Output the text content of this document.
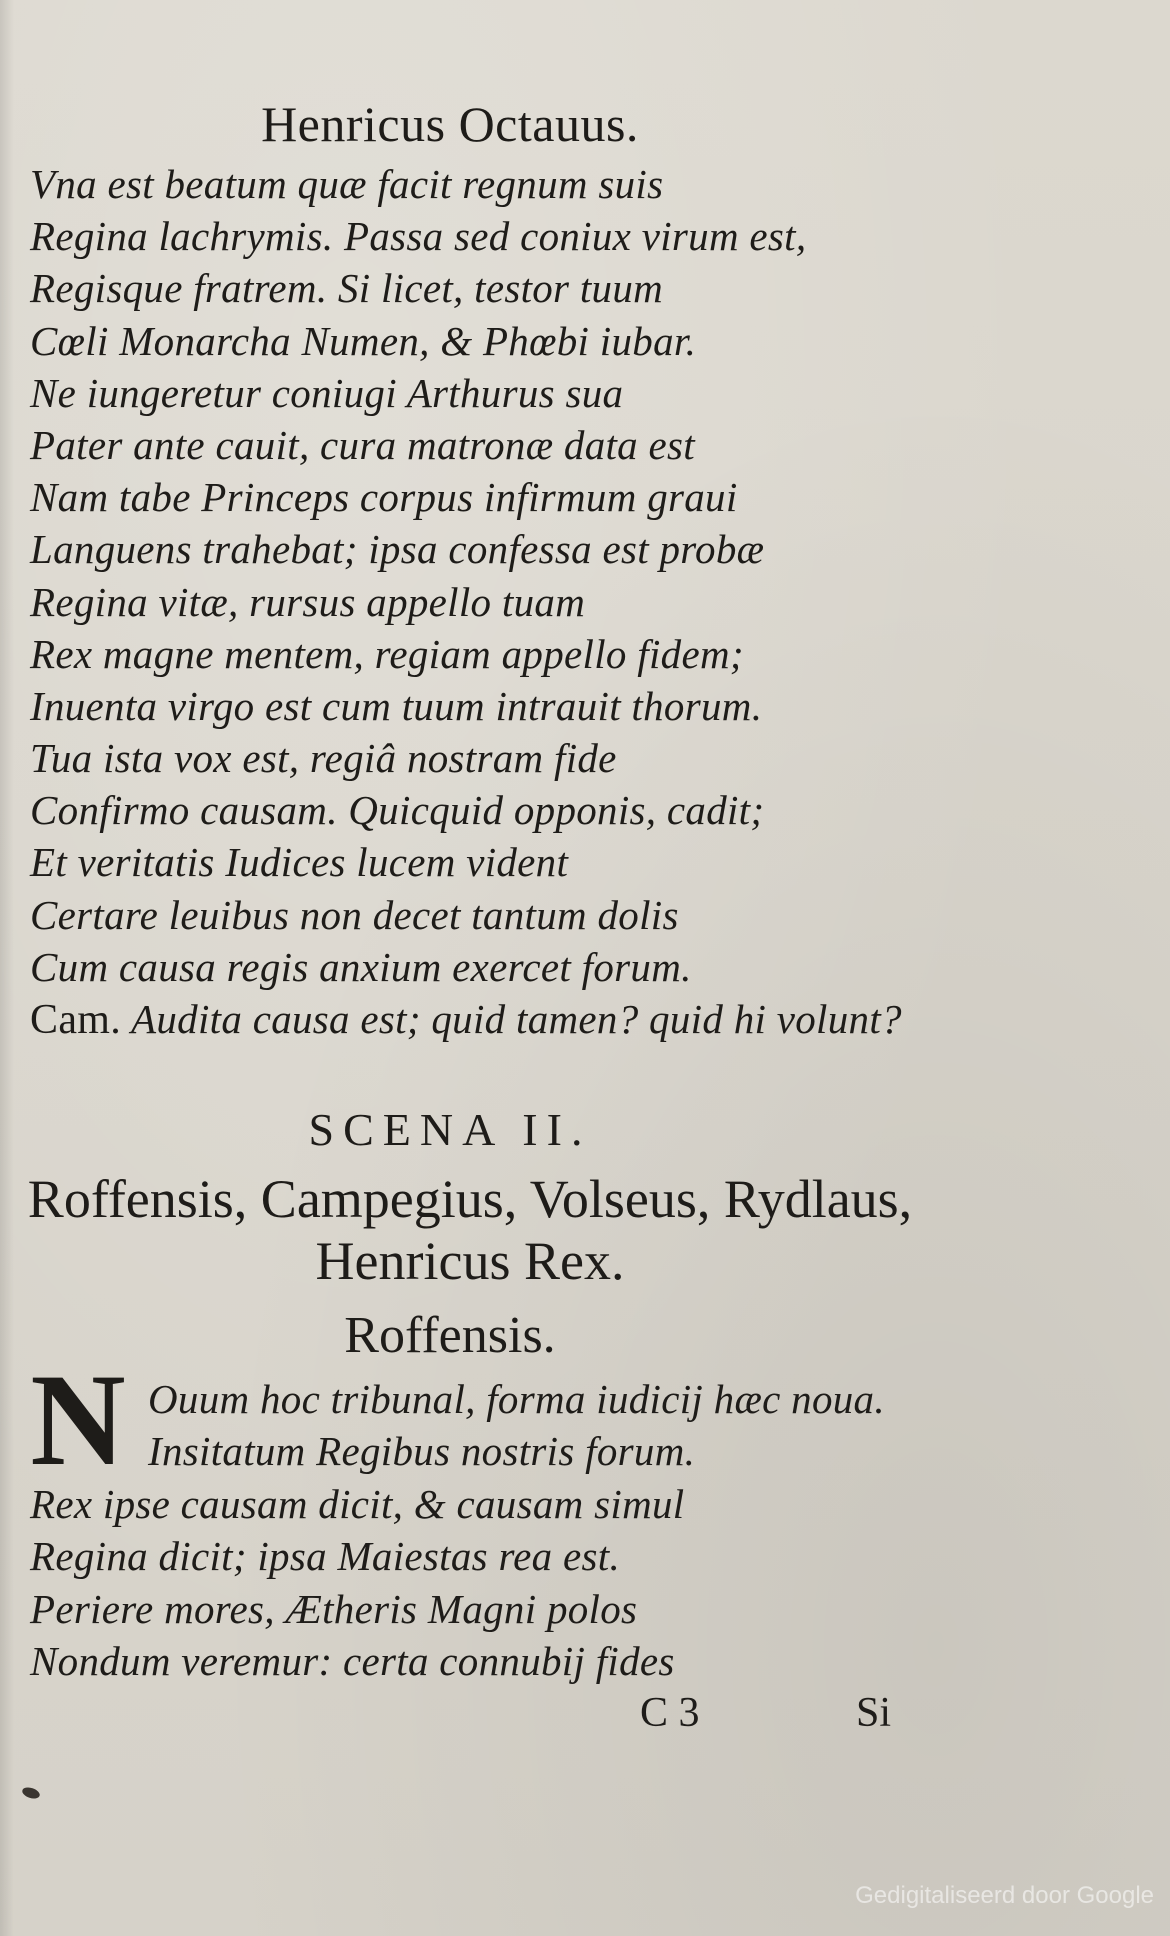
Henricus Octauus.
Vna est beatum quæ facit regnum suis
Regina lachrymis. Passa sed coniux virum est,
Regisque fratrem. Si licet, testor tuum
Cœli Monarcha Numen, & Phœbi iubar.
Ne iungeretur coniugi Arthurus sua
Pater ante cauit, cura matronæ data est
Nam tabe Princeps corpus infirmum graui
Languens trahebat; ipsa confessa est probæ
Regina vitæ, rursus appello tuam
Rex magne mentem, regiam appello fidem;
Inuenta virgo est cum tuum intrauit thorum.
Tua ista vox est, regiâ nostram fide
Confirmo causam. Quicquid opponis, cadit;
Et veritatis Iudices lucem vident
Certare leuibus non decet tantum dolis
Cum causa regis anxium exercet forum.
Cam. Audita causa est; quid tamen? quid hi volunt?
SCENA II.
Roffensis, Campegius, Volseus, Rydlaus,
Henricus Rex.
Roffensis.
N Ouum hoc tribunal, forma iudicij hæc noua.
Insitatum Regibus nostris forum.
Rex ipse causam dicit, & causam simul
Regina dicit; ipsa Maiestas rea est.
Periere mores, Ætheris Magni polos
Nondum veremur: certa connubij fides
C 3	Si
Gedigitaliseerd door Google
